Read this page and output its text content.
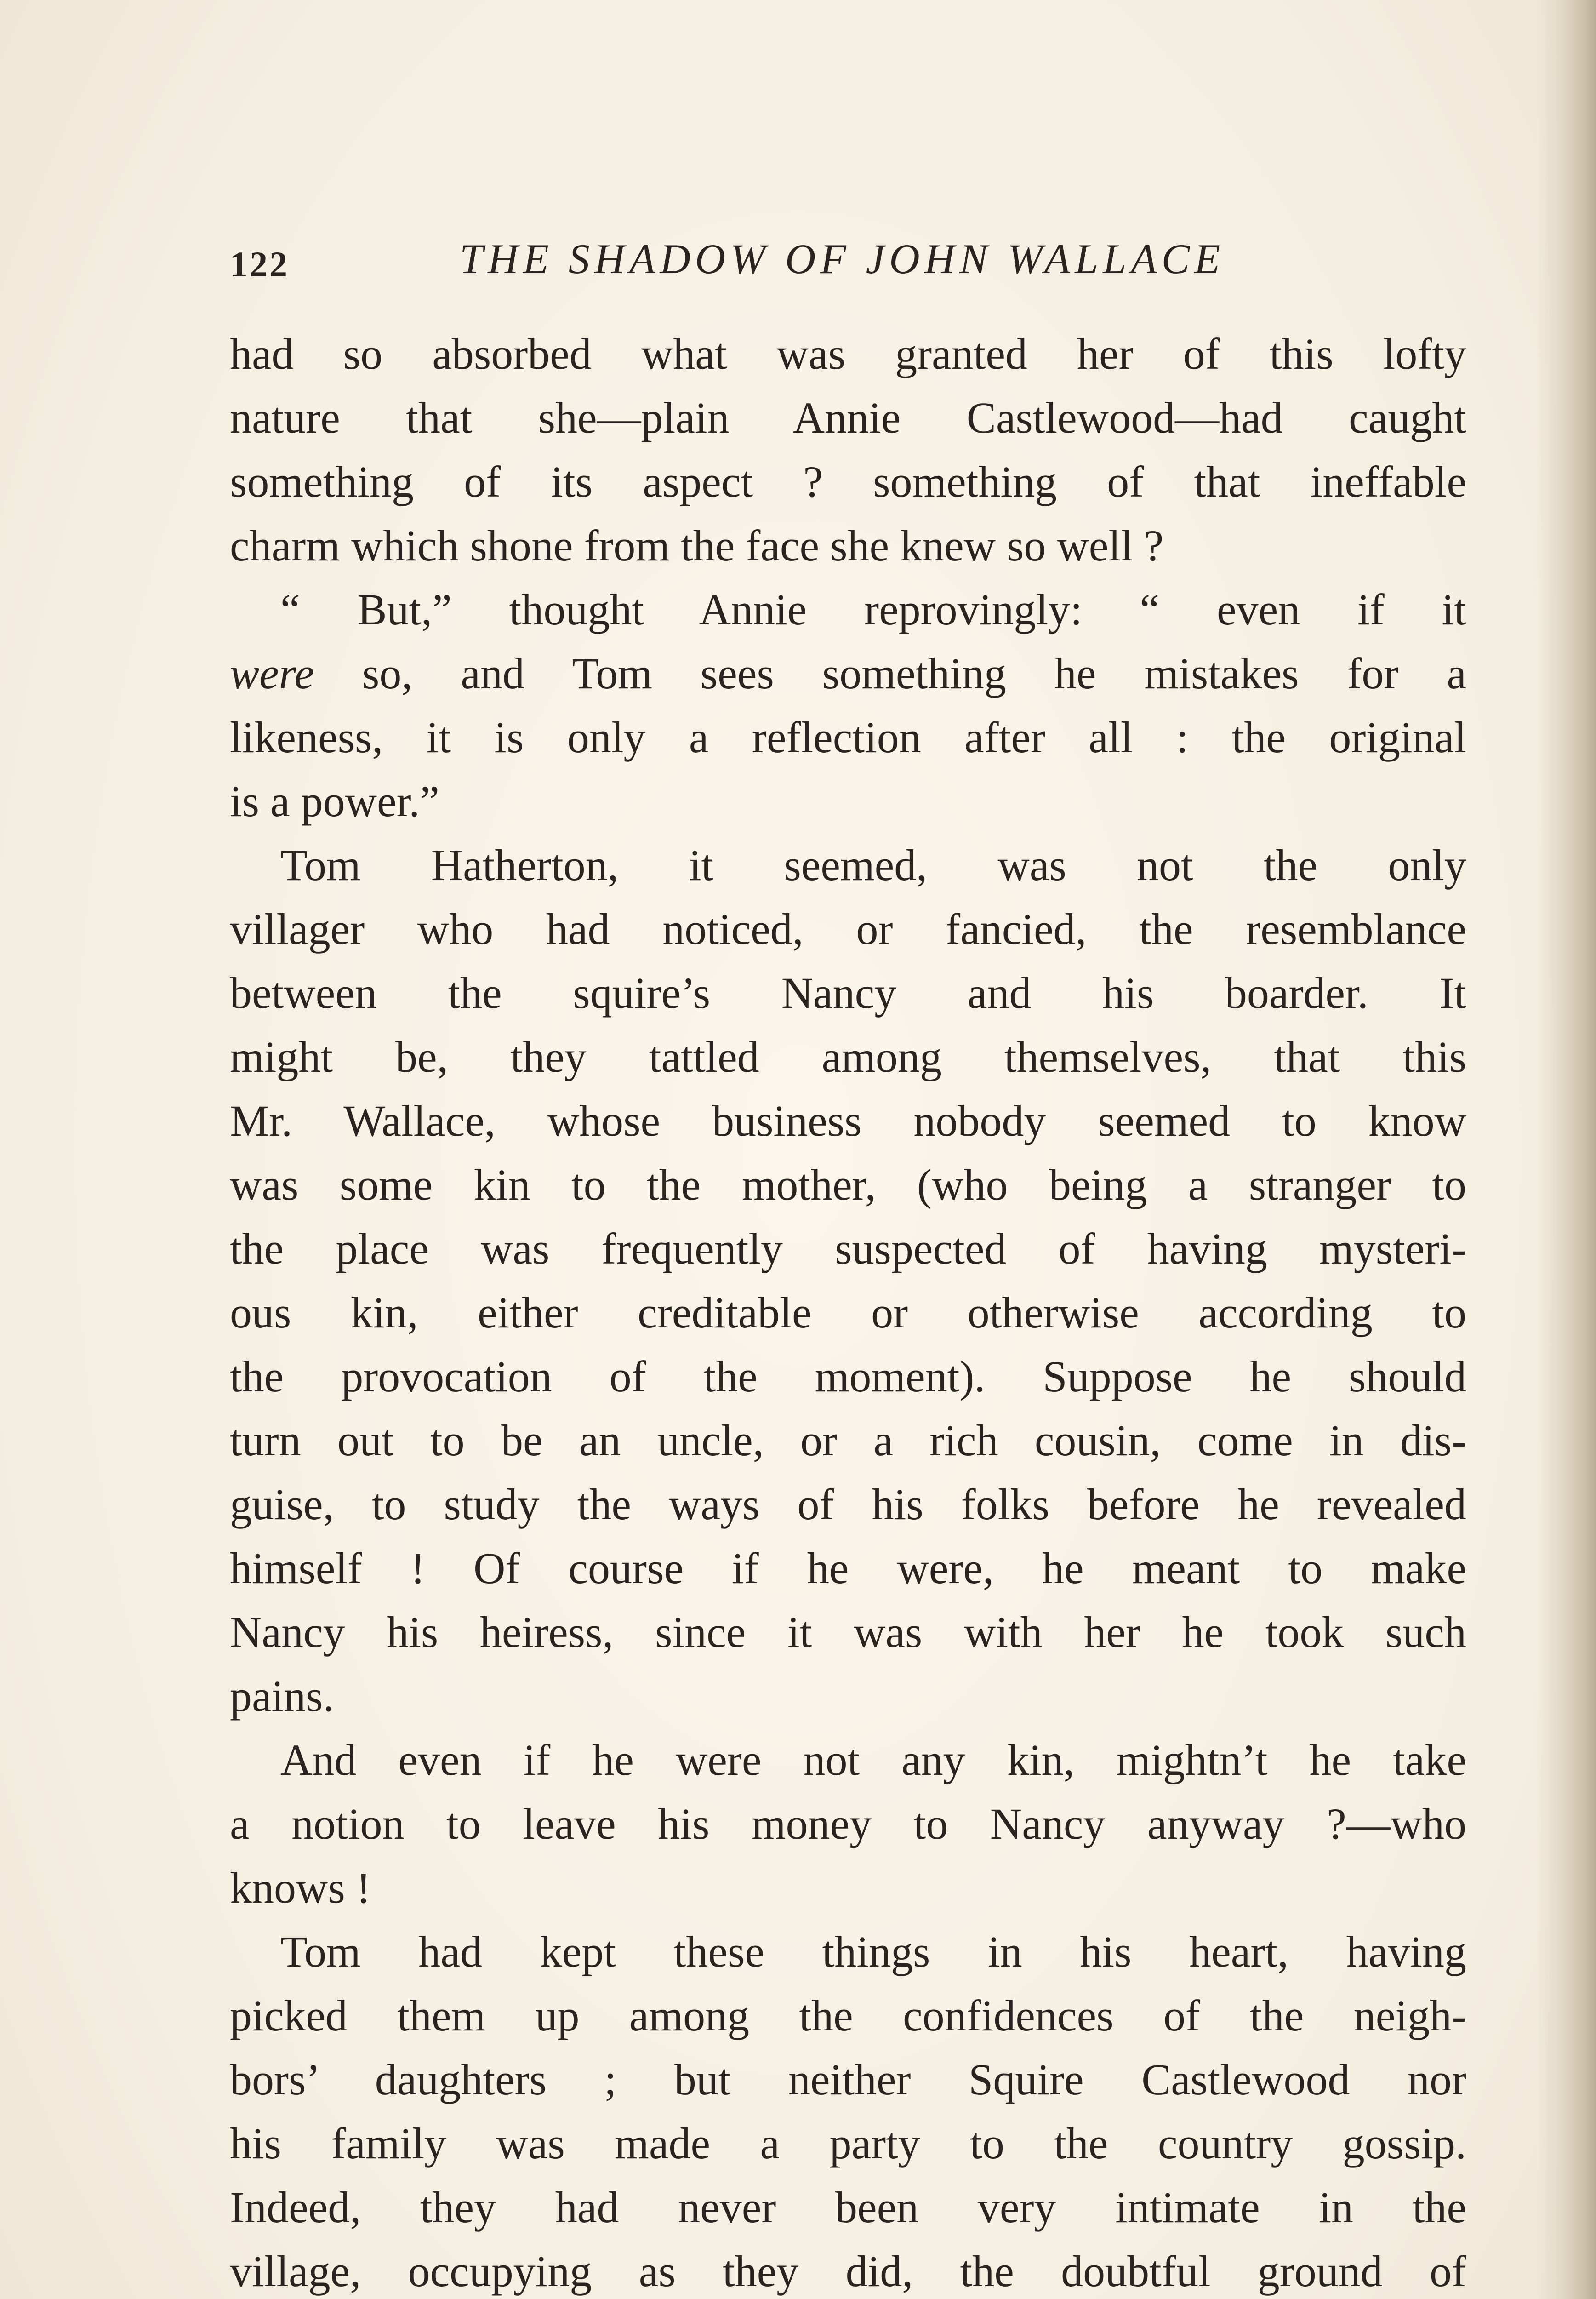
122	THE SHADOW OF JOHN WALLACE
had so absorbed what was granted her of this lofty
nature that she—plain Annie Castlewood—had caught
something of its aspect ? something of that ineffable
charm which shone from the face she knew so well ?
“ But,” thought Annie reprovingly: “ even if it
were so, and Tom sees something he mistakes for a
likeness, it is only a reflection after all : the original
is a power.”
Tom Hatherton, it seemed, was not the only
villager who had noticed, or fancied, the resemblance
between the squire’s Nancy and his boarder. It
might be, they tattled among themselves, that this
Mr. Wallace, whose business nobody seemed to know
was some kin to the mother, (who being a stranger to
the place was frequently suspected of having mysteri-
ous kin, either creditable or otherwise according to
the provocation of the moment). Suppose he should
turn out to be an uncle, or a rich cousin, come in dis-
guise, to study the ways of his folks before he revealed
himself ! Of course if he were, he meant to make
Nancy his heiress, since it was with her he took such
pains.
And even if he were not any kin, mightn’t he take
a notion to leave his money to Nancy anyway ?—who
knows !
Tom had kept these things in his heart, having
picked them up among the confidences of the neigh-
bors’ daughters ; but neither Squire Castlewood nor
his family was made a party to the country gossip.
Indeed, they had never been very intimate in the
village, occupying as they did, the doubtful ground of
